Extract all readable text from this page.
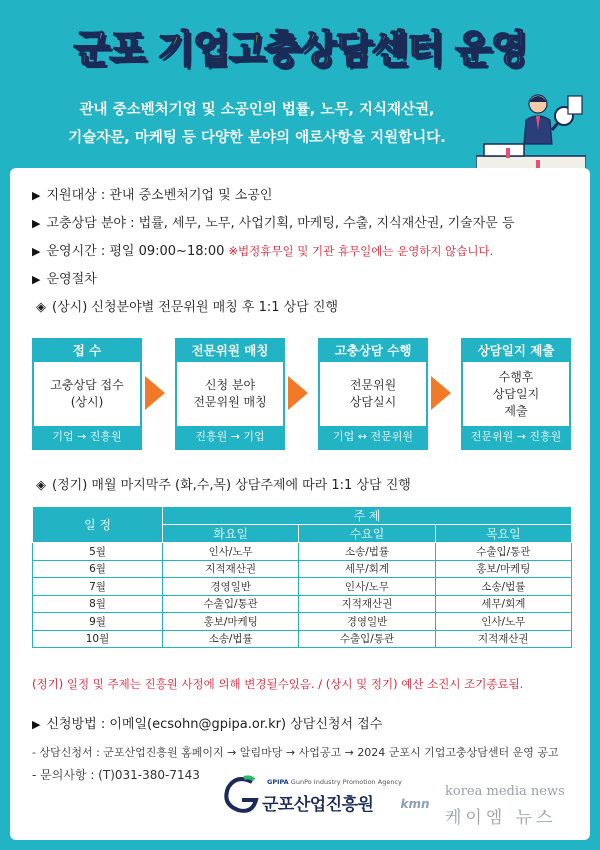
군포 기업고충상담센터 운영
관내 중소벤처기업 및 소공인의 법률, 노무, 지식재산권,
기술자문, 마케팅 등 다양한 분야의 애로사항을 지원합니다.
▶ 지원대상 : 관내 중소벤처기업 및 소공인
▶ 고충상담 분야 : 법률, 세무, 노무, 사업기획, 마케팅, 수출, 지식재산권, 기술자문 등
▶ 운영시간 : 평일 09:00~18:00 ※법정휴무일 및 기관 휴무일에는 운영하지 않습니다.
▶ 운영절차
◈ (상시) 신청분야별 전문위원 매칭 후 1:1 상담 진행
접 수
고충상담 접수
(상시)
기업 → 진흥원
전문위원 매칭
신청 분야
전문위원 매칭
진흥원 → 기업
고충상담 수행
전문위원
상담실시
기업 ↔ 전문위원
상담일지 제출
수행후
상담일지
제출
전문위원 → 진흥원
◈ (정기) 매월 마지막주 (화,수,목) 상담주제에 따라 1:1 상담 진행
일 정	주 제		
	화요일	수요일	목요일
5월	인사/노무	소송/법률	수출입/통관
6월	지적재산권	세무/회계	홍보/마케팅
7월	경영일반	인사/노무	소송/법률
8월	수출입/통관	지적재산권	세무/회계
9월	홍보/마케팅	경영일반	인사/노무
10월	소송/법률	수출입/통관	지적재산권
(정기) 일정 및 주제는 진흥원 사정에 의해 변경될수있음. / (상시 및 정기) 예산 소진시 조기종료됨.
▶ 신청방법 : 이메일(ecsohn@gpipa.or.kr) 상담신청서 접수
- 상담신청서 : 군포산업진흥원 홈페이지 → 알림마당 → 사업공고 → 2024 군포시 기업고충상담센터 운영 공고
- 문의사항 : (T)031-380-7143	GPIPA GunPo Industry Promotion Agency
군포산업진흥원	kmn
korea media news
케이엠 뉴스
